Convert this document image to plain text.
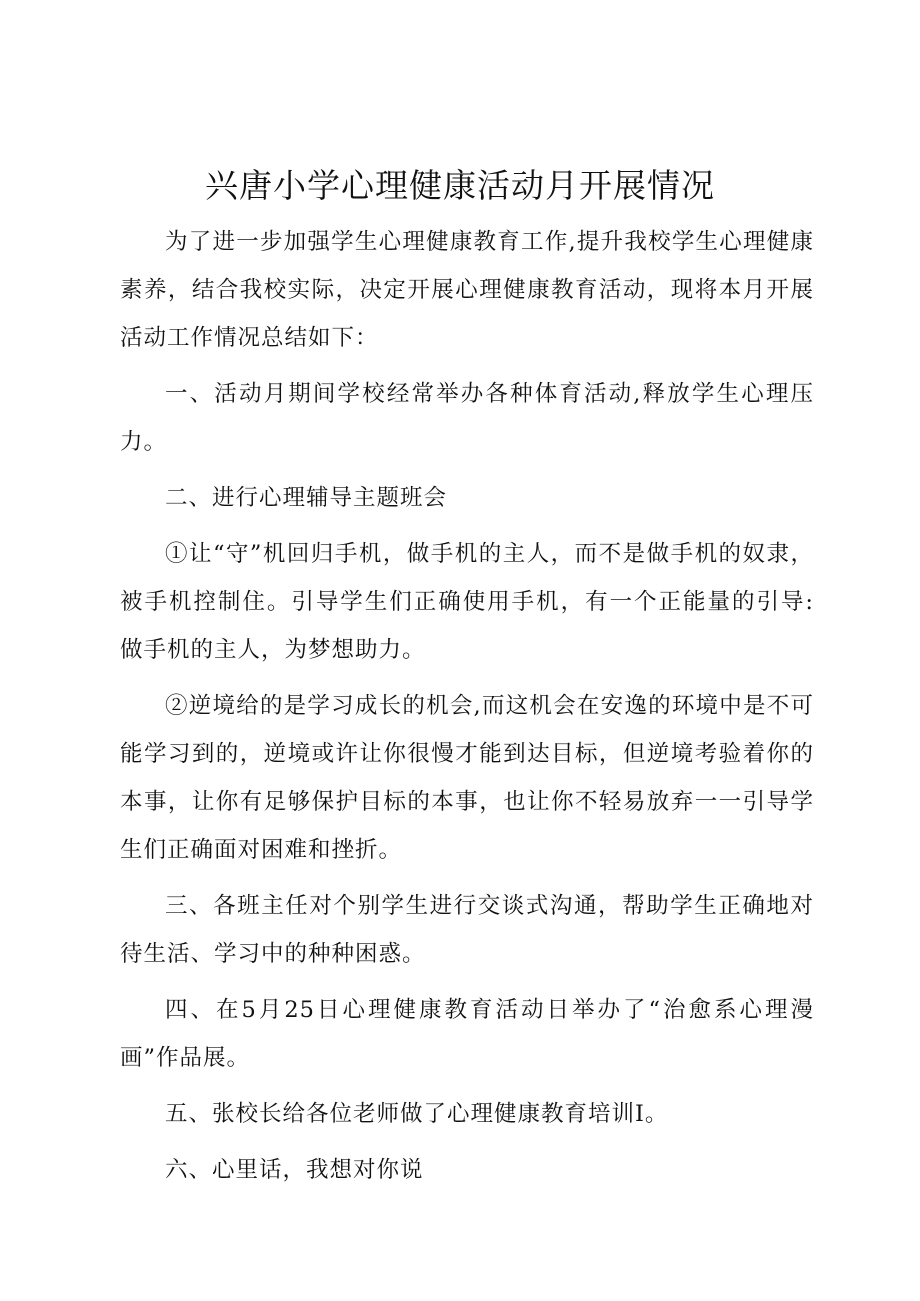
兴唐小学心理健康活动月开展情况

为了进一步加强学生心理健康教育工作,提升我校学生心理健康素养，结合我校实际，决定开展心理健康教育活动，现将本月开展活动工作情况总结如下：

一、活动月期间学校经常举办各种体育活动,释放学生心理压力。

二、进行心理辅导主题班会

①让“守”机回归手机，做手机的主人，而不是做手机的奴隶，被手机控制住。引导学生们正确使用手机，有一个正能量的引导: 做手机的主人，为梦想助力。

②逆境给的是学习成长的机会,而这机会在安逸的环境中是不可能学习到的，逆境或许让你很慢才能到达目标，但逆境考验着你的本事，让你有足够保护目标的本事，也让你不轻易放弃一一引导学生们正确面对困难和挫折。

三、各班主任对个别学生进行交谈式沟通，帮助学生正确地对待生活、学习中的种种困惑。

四、在5月25日心理健康教育活动日举办了“治愈系心理漫画”作品展。

五、张校长给各位老师做了心理健康教育培训I。

六、心里话，我想对你说
